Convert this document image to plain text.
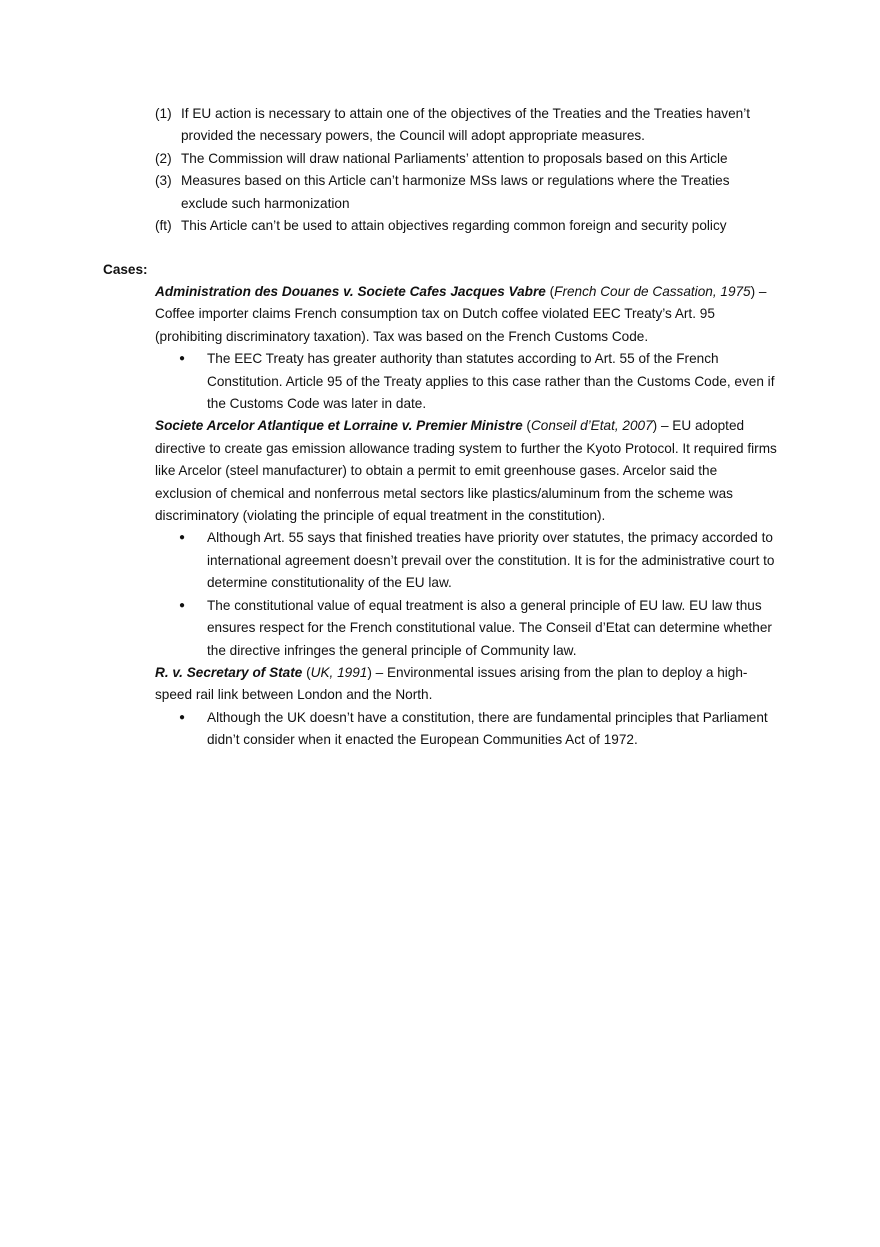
(1) If EU action is necessary to attain one of the objectives of the Treaties and the Treaties haven’t provided the necessary powers, the Council will adopt appropriate measures.
(2) The Commission will draw national Parliaments’ attention to proposals based on this Article
(3) Measures based on this Article can’t harmonize MSs laws or regulations where the Treaties exclude such harmonization
(ft) This Article can’t be used to attain objectives regarding common foreign and security policy

Cases:

Administration des Douanes v. Societe Cafes Jacques Vabre (French Cour de Cassation, 1975) – Coffee importer claims French consumption tax on Dutch coffee violated EEC Treaty’s Art. 95 (prohibiting discriminatory taxation). Tax was based on the French Customs Code.

●	The EEC Treaty has greater authority than statutes according to Art. 55 of the French Constitution. Article 95 of the Treaty applies to this case rather than the Customs Code, even if the Customs Code was later in date.

Societe Arcelor Atlantique et Lorraine v. Premier Ministre (Conseil d’Etat, 2007) – EU adopted directive to create gas emission allowance trading system to further the Kyoto Protocol. It required firms like Arcelor (steel manufacturer) to obtain a permit to emit greenhouse gases. Arcelor said the exclusion of chemical and nonferrous metal sectors like plastics/aluminum from the scheme was discriminatory (violating the principle of equal treatment in the constitution).

●	Although Art. 55 says that finished treaties have priority over statutes, the primacy accorded to international agreement doesn’t prevail over the constitution. It is for the administrative court to determine constitutionality of the EU law.
●	The constitutional value of equal treatment is also a general principle of EU law. EU law thus ensures respect for the French constitutional value. The Conseil d’Etat can determine whether the directive infringes the general principle of Community law.

R. v. Secretary of State (UK, 1991) – Environmental issues arising from the plan to deploy a high-speed rail link between London and the North.

●	Although the UK doesn’t have a constitution, there are fundamental principles that Parliament didn’t consider when it enacted the European Communities Act of 1972.
